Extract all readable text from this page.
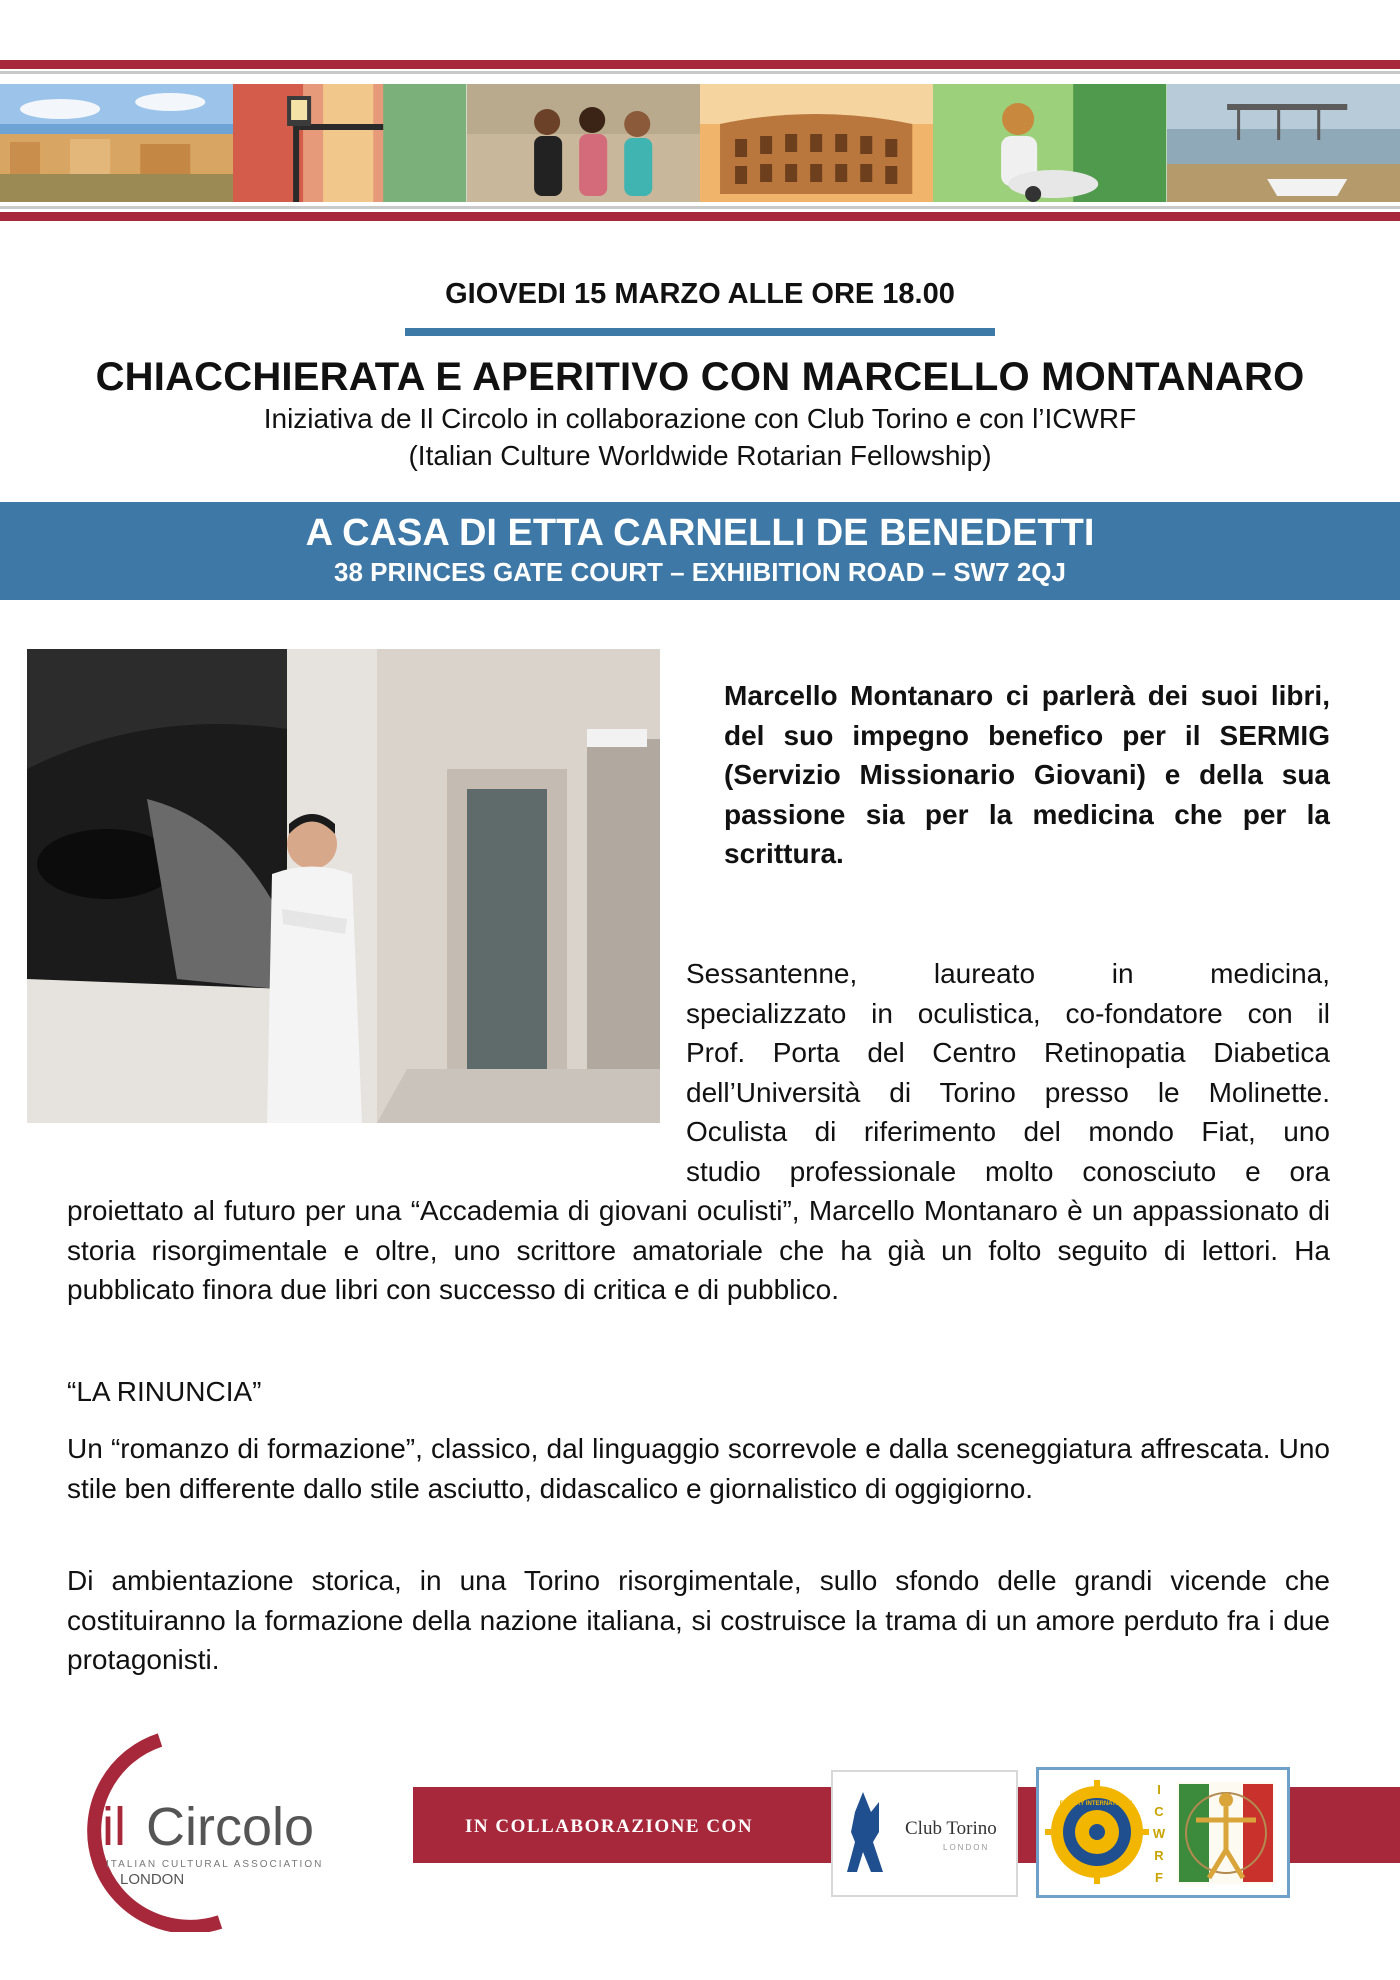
GIOVEDI 15 MARZO ALLE ORE 18.00
CHIACCHIERATA E APERITIVO CON MARCELLO MONTANARO
Iniziativa de Il Circolo in collaborazione con Club Torino e con l’ICWRF
(Italian Culture Worldwide Rotarian Fellowship)
A CASA DI ETTA CARNELLI DE BENEDETTI
38 PRINCES GATE COURT – EXHIBITION ROAD – SW7 2QJ
Marcello Montanaro ci parlerà dei suoi libri, del suo impegno benefico per il SERMIG (Servizio Missionario Giovani) e della sua passione sia per la medicina che per la scrittura.
Sessantenne, laureato in medicina,
specializzato in oculistica, co-fondatore con il
Prof. Porta del Centro Retinopatia Diabetica
dell’Università di Torino presso le Molinette.
Oculista di riferimento del mondo Fiat, uno
studio professionale molto conosciuto e ora
proiettato al futuro per una “Accademia di giovani oculisti”, Marcello Montanaro è un appassionato di storia risorgimentale e oltre, uno scrittore amatoriale che ha già un folto seguito di lettori. Ha pubblicato finora due libri con successo di critica e di pubblico.
“LA RINUNCIA”
Un “romanzo di formazione”, classico, dal linguaggio scorrevole e dalla sceneggiatura affrescata. Uno stile ben differente dallo stile asciutto, didascalico e giornalistico di oggigiorno.
Di ambientazione storica, in una Torino risorgimentale, sullo sfondo delle grandi vicende che costituiranno la formazione della nazione italiana, si costruisce la trama di un amore perduto fra i due protagonisti.
il Circolo
ITALIAN CULTURAL ASSOCIATION
LONDON
IN COLLABORAZIONE CON	Club Torino
LONDON
ROTARY INTERNATIONAL
I
C
W
R
F
